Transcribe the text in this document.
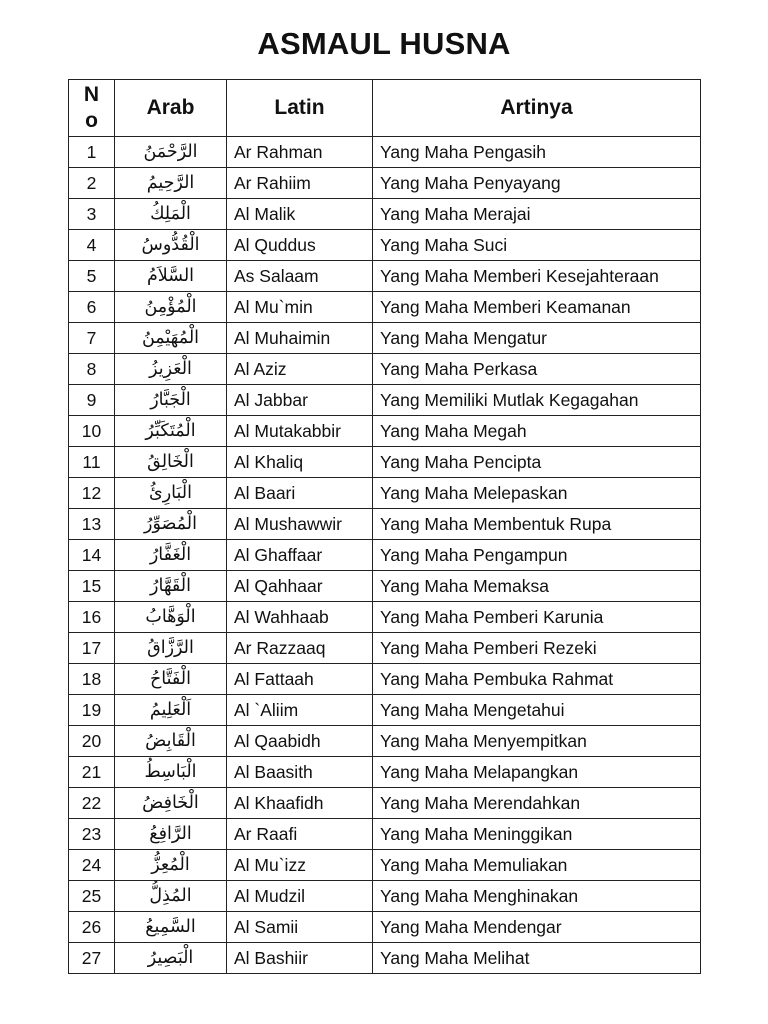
ASMAUL HUSNA
No	Arab	Latin	Artinya
1	الرَّحْمَنُ	Ar Rahman	Yang Maha Pengasih
2	الرَّحِيمُ	Ar Rahiim	Yang Maha Penyayang
3	الْمَلِكُ	Al Malik	Yang Maha Merajai
4	الْقُدُّوسُ	Al Quddus	Yang Maha Suci
5	السَّلاَمُ	As Salaam	Yang Maha Memberi Kesejahteraan
6	الْمُؤْمِنُ	Al Mu`min	Yang Maha Memberi Keamanan
7	الْمُهَيْمِنُ	Al Muhaimin	Yang Maha Mengatur
8	الْعَزِيزُ	Al Aziz	Yang Maha Perkasa
9	الْجَبَّارُ	Al Jabbar	Yang Memiliki Mutlak Kegagahan
10	الْمُتَكَبِّرُ	Al Mutakabbir	Yang Maha Megah
11	الْخَالِقُ	Al Khaliq	Yang Maha Pencipta
12	الْبَارِئُ	Al Baari	Yang Maha Melepaskan
13	الْمُصَوِّرُ	Al Mushawwir	Yang Maha Membentuk Rupa
14	الْغَفَّارُ	Al Ghaffaar	Yang Maha Pengampun
15	الْقَهَّارُ	Al Qahhaar	Yang Maha Memaksa
16	الْوَهَّابُ	Al Wahhaab	Yang Maha Pemberi Karunia
17	الرَّزَّاقُ	Ar Razzaaq	Yang Maha Pemberi Rezeki
18	الْفَتَّاحُ	Al Fattaah	Yang Maha Pembuka Rahmat
19	اَلْعَلِيمُ	Al `Aliim	Yang Maha Mengetahui
20	الْقَابِضُ	Al Qaabidh	Yang Maha Menyempitkan
21	الْبَاسِطُ	Al Baasith	Yang Maha Melapangkan
22	الْخَافِضُ	Al Khaafidh	Yang Maha Merendahkan
23	الرَّافِعُ	Ar Raafi	Yang Maha Meninggikan
24	الْمُعِزُّ	Al Mu`izz	Yang Maha Memuliakan
25	المُذِلُّ	Al Mudzil	Yang Maha Menghinakan
26	السَّمِيعُ	Al Samii	Yang Maha Mendengar
27	الْبَصِيرُ	Al Bashiir	Yang Maha Melihat
